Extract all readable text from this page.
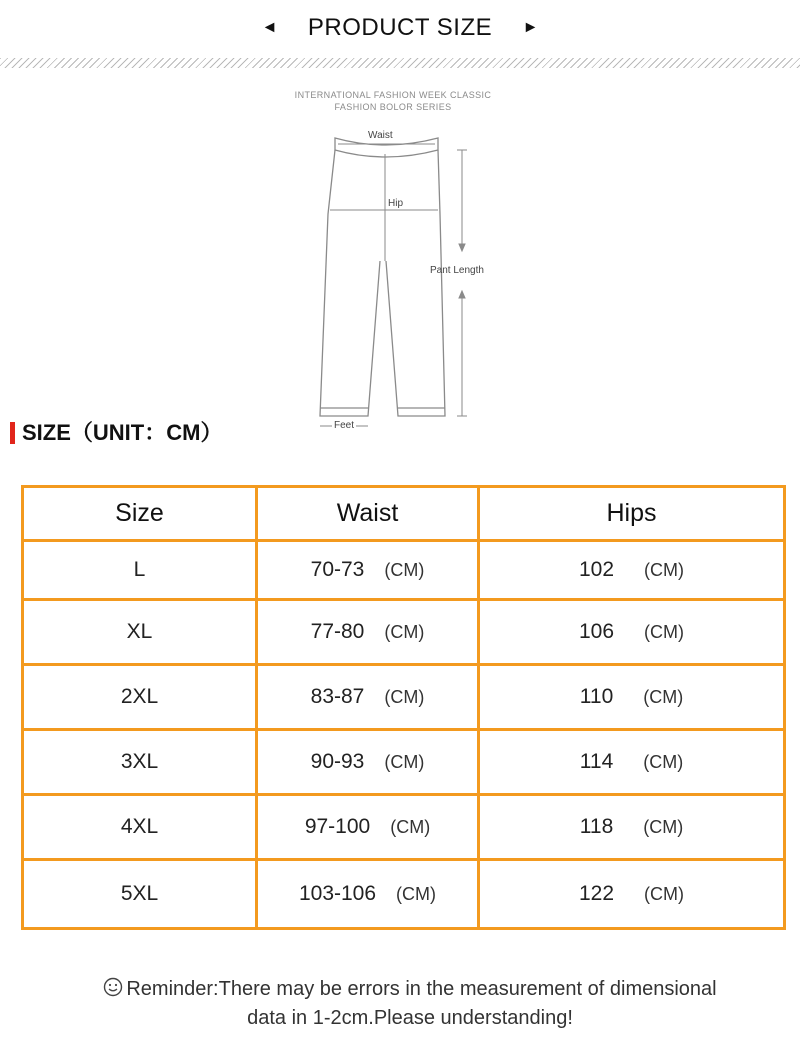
◄ PRODUCT SIZE ►
INTERNATIONAL FASHION WEEK CLASSIC
FASHION BOLOR SERIES
Waist
Hip
Pant Length
Feet
SIZE（UNIT：CM）
Size	Waist	Hips
L	70-73 (CM)	102 (CM)
XL	77-80 (CM)	106 (CM)
2XL	83-87 (CM)	110 (CM)
3XL	90-93 (CM)	114 (CM)
4XL	97-100 (CM)	118 (CM)
5XL	103-106 (CM)	122 (CM)
Reminder:There may be errors in the measurement of dimensional
data in 1-2cm.Please understanding!
